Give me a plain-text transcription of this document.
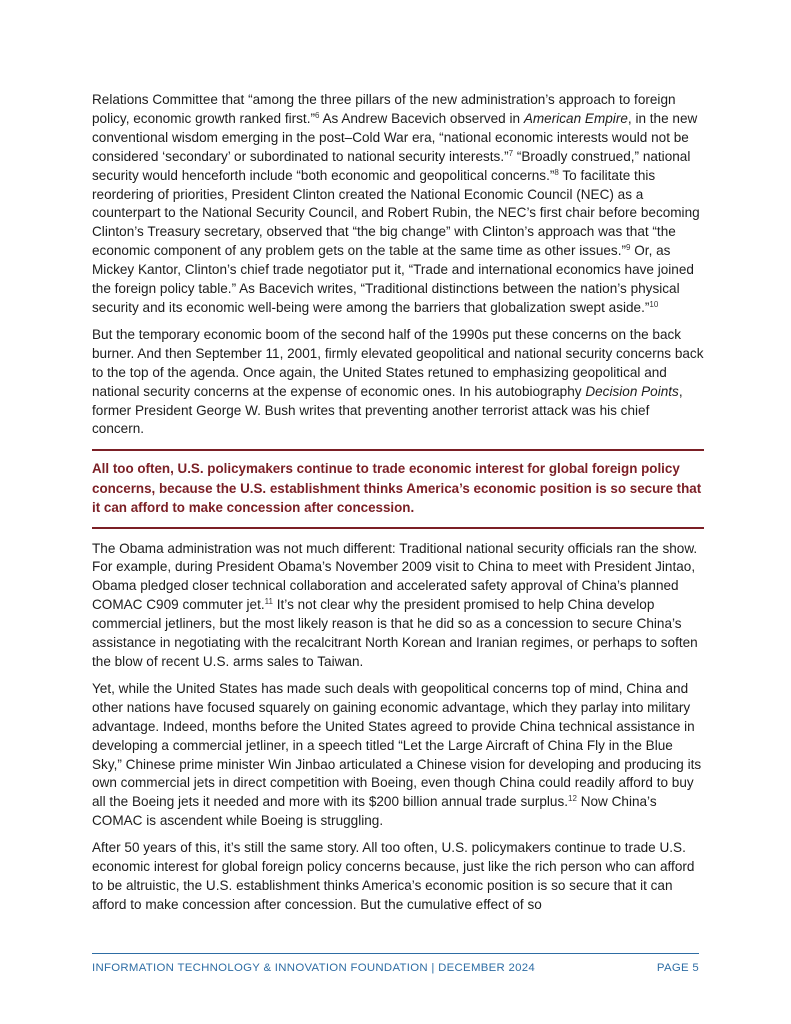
Relations Committee that “among the three pillars of the new administration’s approach to foreign policy, economic growth ranked first.”$^6$ As Andrew Bacevich observed in American Empire, in the new conventional wisdom emerging in the post–Cold War era, “national economic interests would not be considered ‘secondary’ or subordinated to national security interests.”$^7$ “Broadly construed,” national security would henceforth include “both economic and geopolitical concerns.”$^8$ To facilitate this reordering of priorities, President Clinton created the National Economic Council (NEC) as a counterpart to the National Security Council, and Robert Rubin, the NEC’s first chair before becoming Clinton’s Treasury secretary, observed that “the big change” with Clinton’s approach was that “the economic component of any problem gets on the table at the same time as other issues.”$^9$ Or, as Mickey Kantor, Clinton’s chief trade negotiator put it, “Trade and international economics have joined the foreign policy table.” As Bacevich writes, “Traditional distinctions between the nation’s physical security and its economic well-being were among the barriers that globalization swept aside.”$^{10}$

But the temporary economic boom of the second half of the 1990s put these concerns on the back burner. And then September 11, 2001, firmly elevated geopolitical and national security concerns back to the top of the agenda. Once again, the United States retuned to emphasizing geopolitical and national security concerns at the expense of economic ones. In his autobiography Decision Points, former President George W. Bush writes that preventing another terrorist attack was his chief concern.

All too often, U.S. policymakers continue to trade economic interest for global foreign policy concerns, because the U.S. establishment thinks America’s economic position is so secure that it can afford to make concession after concession.

The Obama administration was not much different: Traditional national security officials ran the show. For example, during President Obama’s November 2009 visit to China to meet with President Jintao, Obama pledged closer technical collaboration and accelerated safety approval of China’s planned COMAC C909 commuter jet.$^{11}$ It’s not clear why the president promised to help China develop commercial jetliners, but the most likely reason is that he did so as a concession to secure China’s assistance in negotiating with the recalcitrant North Korean and Iranian regimes, or perhaps to soften the blow of recent U.S. arms sales to Taiwan.

Yet, while the United States has made such deals with geopolitical concerns top of mind, China and other nations have focused squarely on gaining economic advantage, which they parlay into military advantage. Indeed, months before the United States agreed to provide China technical assistance in developing a commercial jetliner, in a speech titled “Let the Large Aircraft of China Fly in the Blue Sky,” Chinese prime minister Win Jinbao articulated a Chinese vision for developing and producing its own commercial jets in direct competition with Boeing, even though China could readily afford to buy all the Boeing jets it needed and more with its $200 billion annual trade surplus.$^{12}$ Now China’s COMAC is ascendent while Boeing is struggling.

After 50 years of this, it’s still the same story. All too often, U.S. policymakers continue to trade U.S. economic interest for global foreign policy concerns because, just like the rich person who can afford to be altruistic, the U.S. establishment thinks America’s economic position is so secure that it can afford to make concession after concession. But the cumulative effect of so

INFORMATION TECHNOLOGY & INNOVATION FOUNDATION | DECEMBER 2024	PAGE 5
